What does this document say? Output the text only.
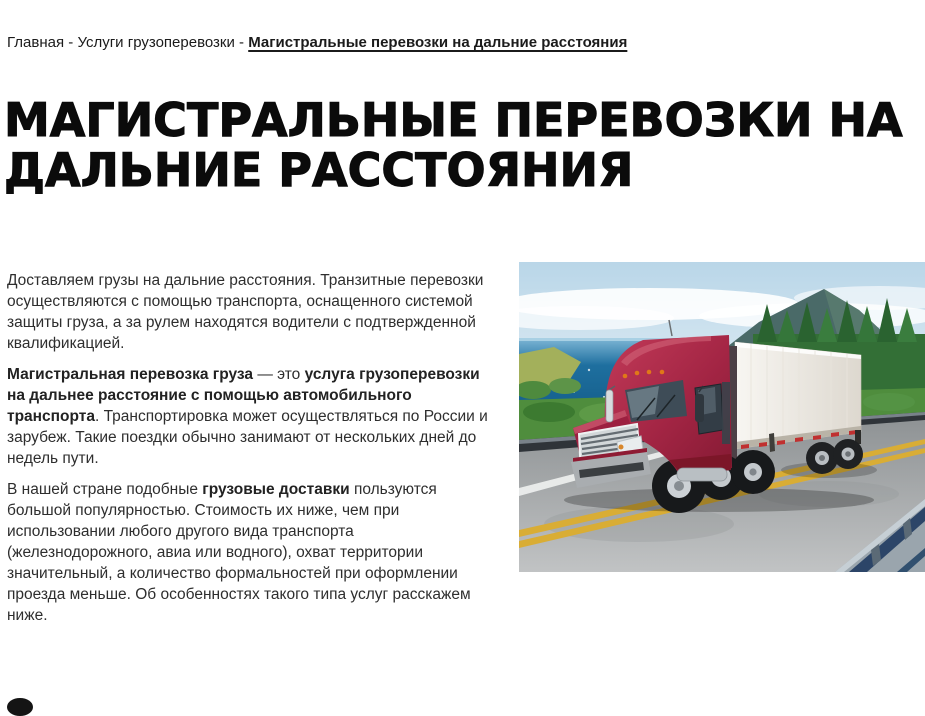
Главная - Услуги грузоперевозки - Магистральные перевозки на дальние расстояния
МАГИСТРАЛЬНЫЕ ПЕРЕВОЗКИ НА
ДАЛЬНИЕ РАССТОЯНИЯ

Доставляем грузы на дальние расстояния. Транзитные перевозки осуществляются с помощью транспорта, оснащенного системой защиты груза, а за рулем находятся водители с подтвержденной квалификацией.

Магистральная перевозка груза — это услуга грузоперевозки на дальнее расстояние с помощью автомобильного транспорта. Транспортировка может осуществляться по России и зарубеж. Такие поездки обычно занимают от нескольких дней до недель пути.

В нашей стране подобные грузовые доставки пользуются большой популярностью. Стоимость их ниже, чем при использовании любого другого вида транспорта (железнодорожного, авиа или водного), охват территории значительный, а количество формальностей при оформлении проезда меньше. Об особенностях такого типа услуг расскажем ниже.
